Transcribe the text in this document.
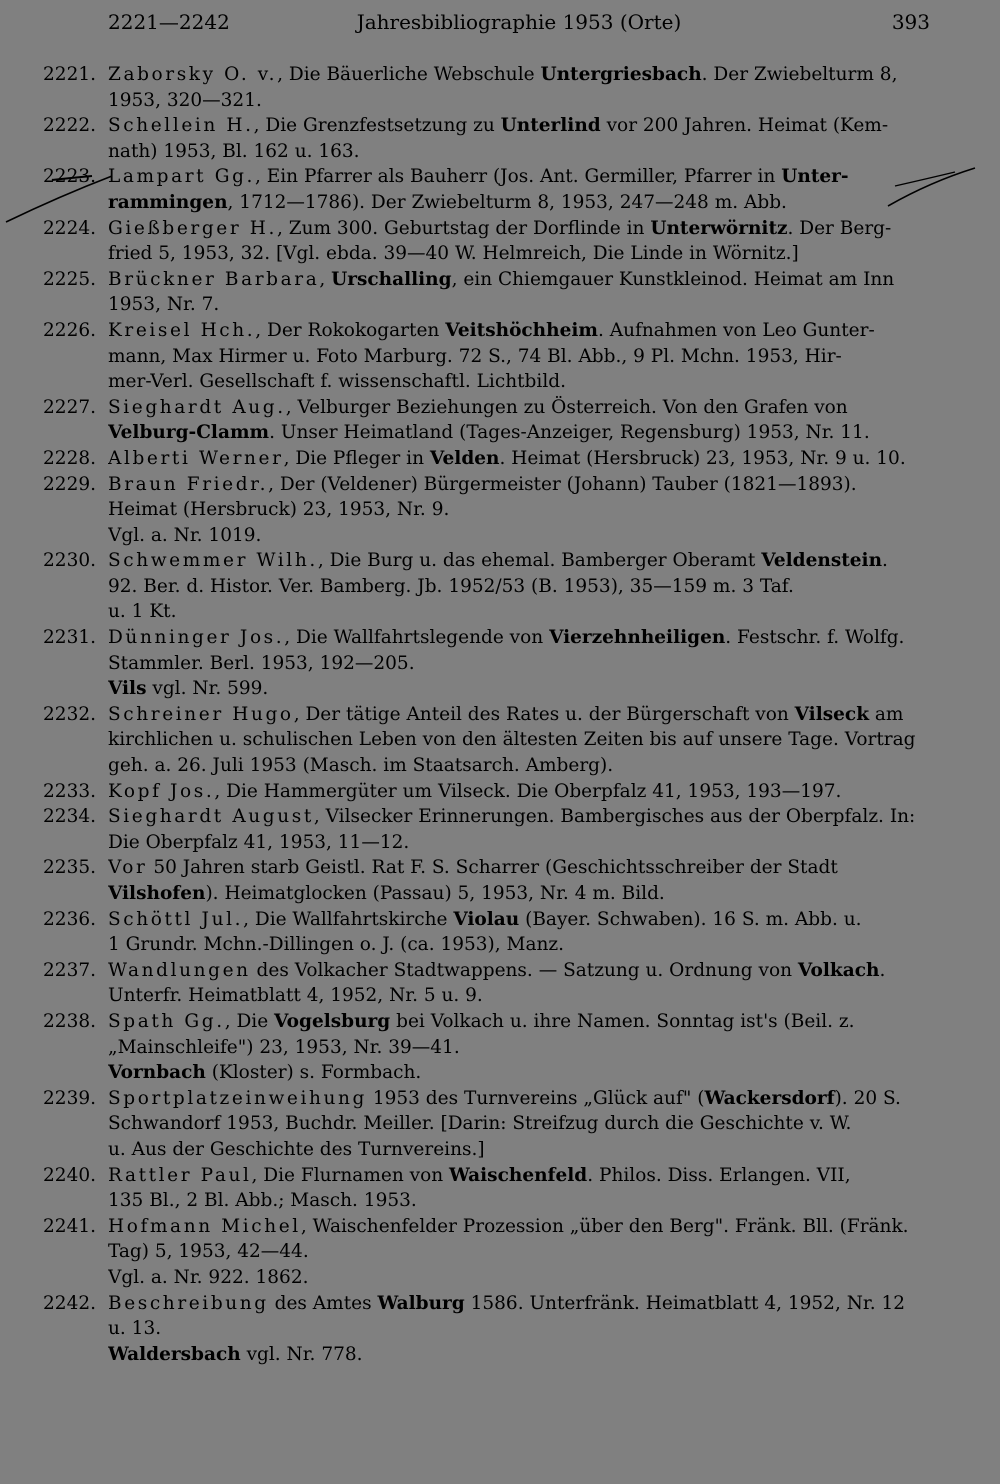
2221—2242	Jahresbibliographie 1953 (Orte)	393
2221. Zaborsky O. v., Die Bäuerliche Webschule Untergriesbach. Der Zwiebelturm 8,
1953, 320—321.
2222. Schellein H., Die Grenzfestsetzung zu Unterlind vor 200 Jahren. Heimat (Kem-
nath) 1953, Bl. 162 u. 163.
2223. Lampart Gg., Ein Pfarrer als Bauherr (Jos. Ant. Germiller, Pfarrer in Unter-
rammingen, 1712—1786). Der Zwiebelturm 8, 1953, 247—248 m. Abb.
2224. Gießberger H., Zum 300. Geburtstag der Dorflinde in Unterwörnitz. Der Berg-
fried 5, 1953, 32. [Vgl. ebda. 39—40 W. Helmreich, Die Linde in Wörnitz.]
2225. Brückner Barbara, Urschalling, ein Chiemgauer Kunstkleinod. Heimat am Inn
1953, Nr. 7.
2226. Kreisel Hch., Der Rokokogarten Veitshöchheim. Aufnahmen von Leo Gunter-
mann, Max Hirmer u. Foto Marburg. 72 S., 74 Bl. Abb., 9 Pl. Mchn. 1953, Hir-
mer-Verl. Gesellschaft f. wissenschaftl. Lichtbild.
2227. Sieghardt Aug., Velburger Beziehungen zu Österreich. Von den Grafen von
Velburg-Clamm. Unser Heimatland (Tages-Anzeiger, Regensburg) 1953, Nr. 11.
2228. Alberti Werner, Die Pfleger in Velden. Heimat (Hersbruck) 23, 1953, Nr. 9 u. 10.
2229. Braun Friedr., Der (Veldener) Bürgermeister (Johann) Tauber (1821—1893).
Heimat (Hersbruck) 23, 1953, Nr. 9.
Vgl. a. Nr. 1019.
2230. Schwemmer Wilh., Die Burg u. das ehemal. Bamberger Oberamt Veldenstein.
92. Ber. d. Histor. Ver. Bamberg. Jb. 1952/53 (B. 1953), 35—159 m. 3 Taf.
u. 1 Kt.
2231. Dünninger Jos., Die Wallfahrtslegende von Vierzehnheiligen. Festschr. f. Wolfg.
Stammler. Berl. 1953, 192—205.
Vils vgl. Nr. 599.
2232. Schreiner Hugo, Der tätige Anteil des Rates u. der Bürgerschaft von Vilseck am
kirchlichen u. schulischen Leben von den ältesten Zeiten bis auf unsere Tage. Vortrag
geh. a. 26. Juli 1953 (Masch. im Staatsarch. Amberg).
2233. Kopf Jos., Die Hammergüter um Vilseck. Die Oberpfalz 41, 1953, 193—197.
2234. Sieghardt August, Vilsecker Erinnerungen. Bambergisches aus der Oberpfalz. In:
Die Oberpfalz 41, 1953, 11—12.
2235. Vor 50 Jahren starb Geistl. Rat F. S. Scharrer (Geschichtsschreiber der Stadt
Vilshofen). Heimatglocken (Passau) 5, 1953, Nr. 4 m. Bild.
2236. Schöttl Jul., Die Wallfahrtskirche Violau (Bayer. Schwaben). 16 S. m. Abb. u.
1 Grundr. Mchn.-Dillingen o. J. (ca. 1953), Manz.
2237. Wandlungen des Volkacher Stadtwappens. — Satzung u. Ordnung von Volkach.
Unterfr. Heimatblatt 4, 1952, Nr. 5 u. 9.
2238. Spath Gg., Die Vogelsburg bei Volkach u. ihre Namen. Sonntag ist's (Beil. z.
„Mainschleife") 23, 1953, Nr. 39—41.
Vornbach (Kloster) s. Formbach.
2239. Sportplatzeinweihung 1953 des Turnvereins „Glück auf" (Wackersdorf). 20 S.
Schwandorf 1953, Buchdr. Meiller. [Darin: Streifzug durch die Geschichte v. W.
u. Aus der Geschichte des Turnvereins.]
2240. Rattler Paul, Die Flurnamen von Waischenfeld. Philos. Diss. Erlangen. VII,
135 Bl., 2 Bl. Abb.; Masch. 1953.
2241. Hofmann Michel, Waischenfelder Prozession „über den Berg". Fränk. Bll. (Fränk.
Tag) 5, 1953, 42—44.
Vgl. a. Nr. 922. 1862.
2242. Beschreibung des Amtes Walburg 1586. Unterfränk. Heimatblatt 4, 1952, Nr. 12
u. 13.
Waldersbach vgl. Nr. 778.
